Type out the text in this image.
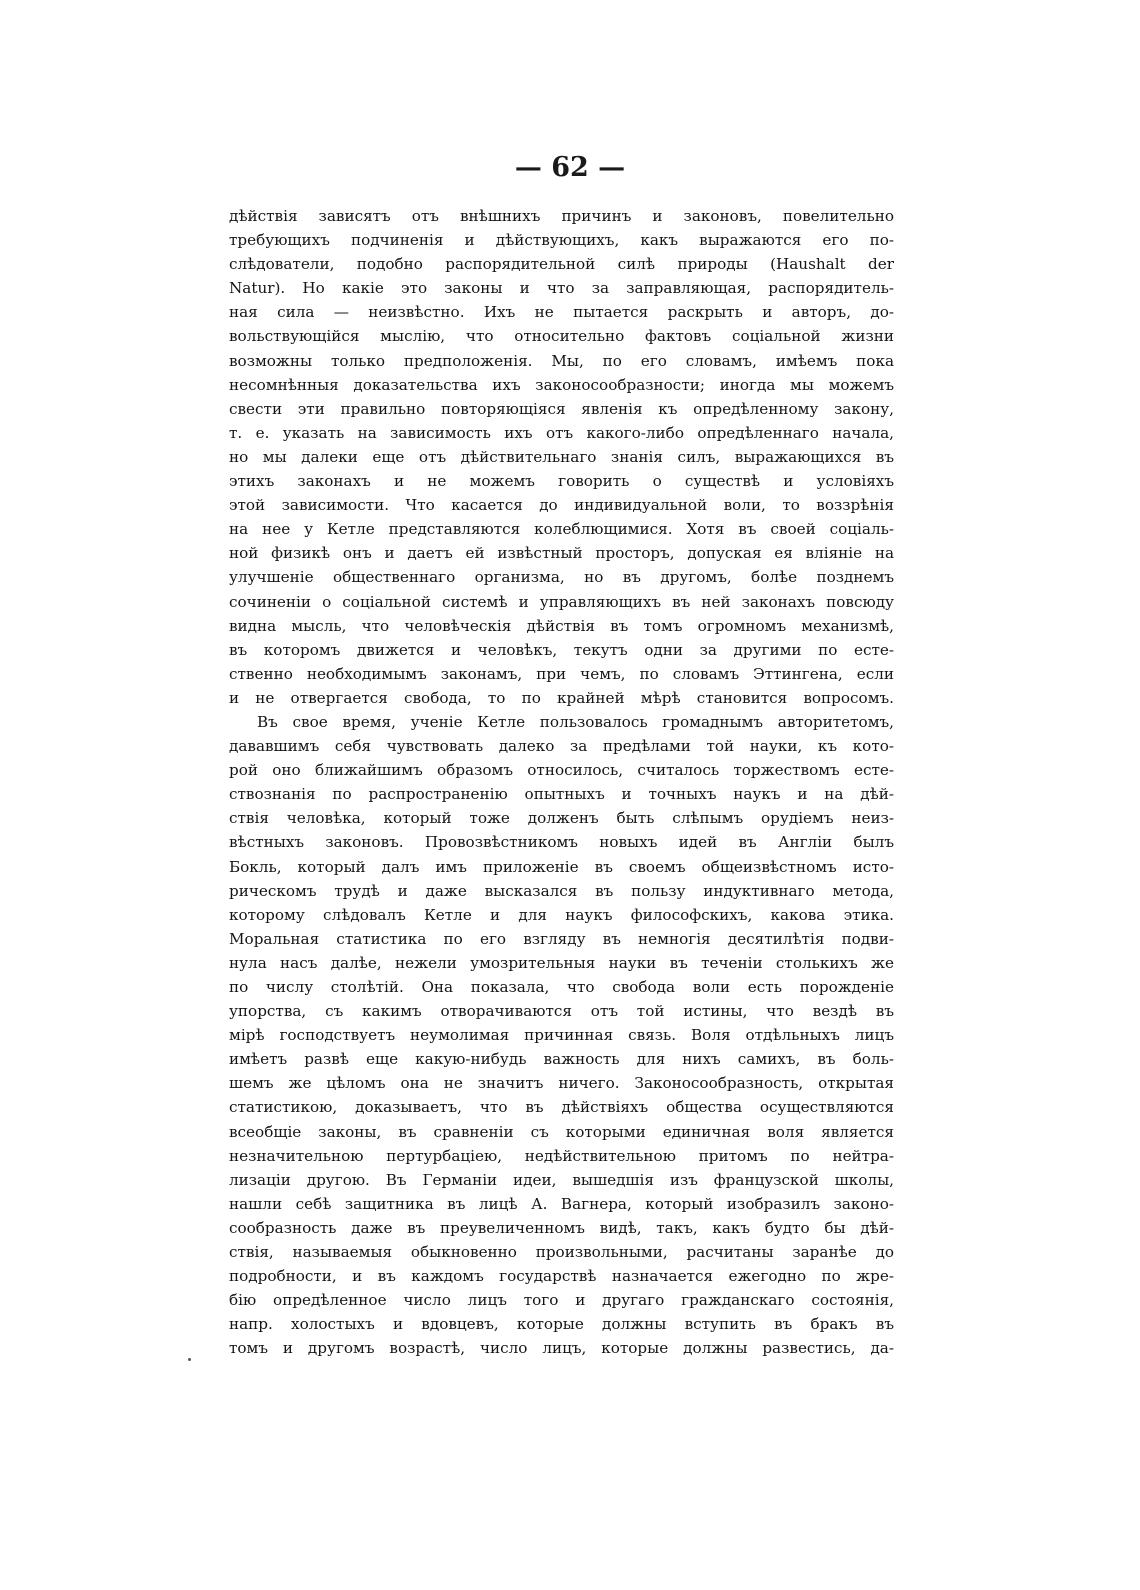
— 62 —
дѣйствія зависятъ отъ внѣшнихъ причинъ и законовъ, повелительно
требующихъ подчиненія и дѣйствующихъ, какъ выражаются его по-
слѣдователи, подобно распорядительной силѣ природы (Haushalt der
Natur). Но какіе это законы и что за заправляющая, распорядитель-
ная сила — неизвѣстно. Ихъ не пытается раскрыть и авторъ, до-
вольствующійся мыслію, что относительно фактовъ соціальной жизни
возможны только предположенія. Мы, по его словамъ, имѣемъ пока
несомнѣнныя доказательства ихъ законосообразности; иногда мы можемъ
свести эти правильно повторяющіяся явленія къ опредѣленному закону,
т. е. указать на зависимость ихъ отъ какого-либо опредѣленнаго начала,
но мы далеки еще отъ дѣйствительнаго знанія силъ, выражающихся въ
этихъ законахъ и не можемъ говорить о существѣ и условіяхъ
этой зависимости. Что касается до индивидуальной воли, то воззрѣнія
на нее у Кетле представляются колеблющимися. Хотя въ своей соціаль-
ной физикѣ онъ и даетъ ей извѣстный просторъ, допуская ея вліяніе на
улучшеніе общественнаго организма, но въ другомъ, болѣе позднемъ
сочиненіи о соціальной системѣ и управляющихъ въ ней законахъ повсюду
видна мысль, что человѣческія дѣйствія въ томъ огромномъ механизмѣ,
въ которомъ движется и человѣкъ, текутъ одни за другими по есте-
ственно необходимымъ законамъ, при чемъ, по словамъ Эттингена, если
и не отвергается свобода, то по крайней мѣрѣ становится вопросомъ.
Въ свое время, ученіе Кетле пользовалось громаднымъ авторитетомъ,
дававшимъ себя чувствовать далеко за предѣлами той науки, къ кото-
рой оно ближайшимъ образомъ относилось, считалось торжествомъ есте-
ствознанія по распространенію опытныхъ и точныхъ наукъ и на дѣй-
ствія человѣка, который тоже долженъ быть слѣпымъ орудіемъ неиз-
вѣстныхъ законовъ. Провозвѣстникомъ новыхъ идей въ Англіи былъ
Бокль, который далъ имъ приложеніе въ своемъ общеизвѣстномъ исто-
рическомъ трудѣ и даже высказался въ пользу индуктивнаго метода,
которому слѣдовалъ Кетле и для наукъ философскихъ, какова этика.
Моральная статистика по его взгляду въ немногія десятилѣтія подви-
нула насъ далѣе, нежели умозрительныя науки въ теченіи столькихъ же
по числу столѣтій. Она показала, что свобода воли есть порожденіе
упорства, съ какимъ отворачиваются отъ той истины, что вездѣ въ
мірѣ господствуетъ неумолимая причинная связь. Воля отдѣльныхъ лицъ
имѣетъ развѣ еще какую-нибудь важность для нихъ самихъ, въ боль-
шемъ же цѣломъ она не значитъ ничего. Законосообразность, открытая
статистикою, доказываетъ, что въ дѣйствіяхъ общества осуществляются
всеобщіе законы, въ сравненіи съ которыми единичная воля является
незначительною пертурбаціею, недѣйствительною притомъ по нейтра-
лизаціи другою. Въ Германіи идеи, вышедшія изъ французской школы,
нашли себѣ защитника въ лицѣ А. Вагнера, который изобразилъ законо-
сообразность даже въ преувеличенномъ видѣ, такъ, какъ будто бы дѣй-
ствія, называемыя обыкновенно произвольными, расчитаны заранѣе до
подробности, и въ каждомъ государствѣ назначается ежегодно по жре-
бію опредѣленное число лицъ того и другаго гражданскаго состоянія,
напр. холостыхъ и вдовцевъ, которые должны вступить въ бракъ въ
томъ и другомъ возрастѣ, число лицъ, которые должны развестись, да-
